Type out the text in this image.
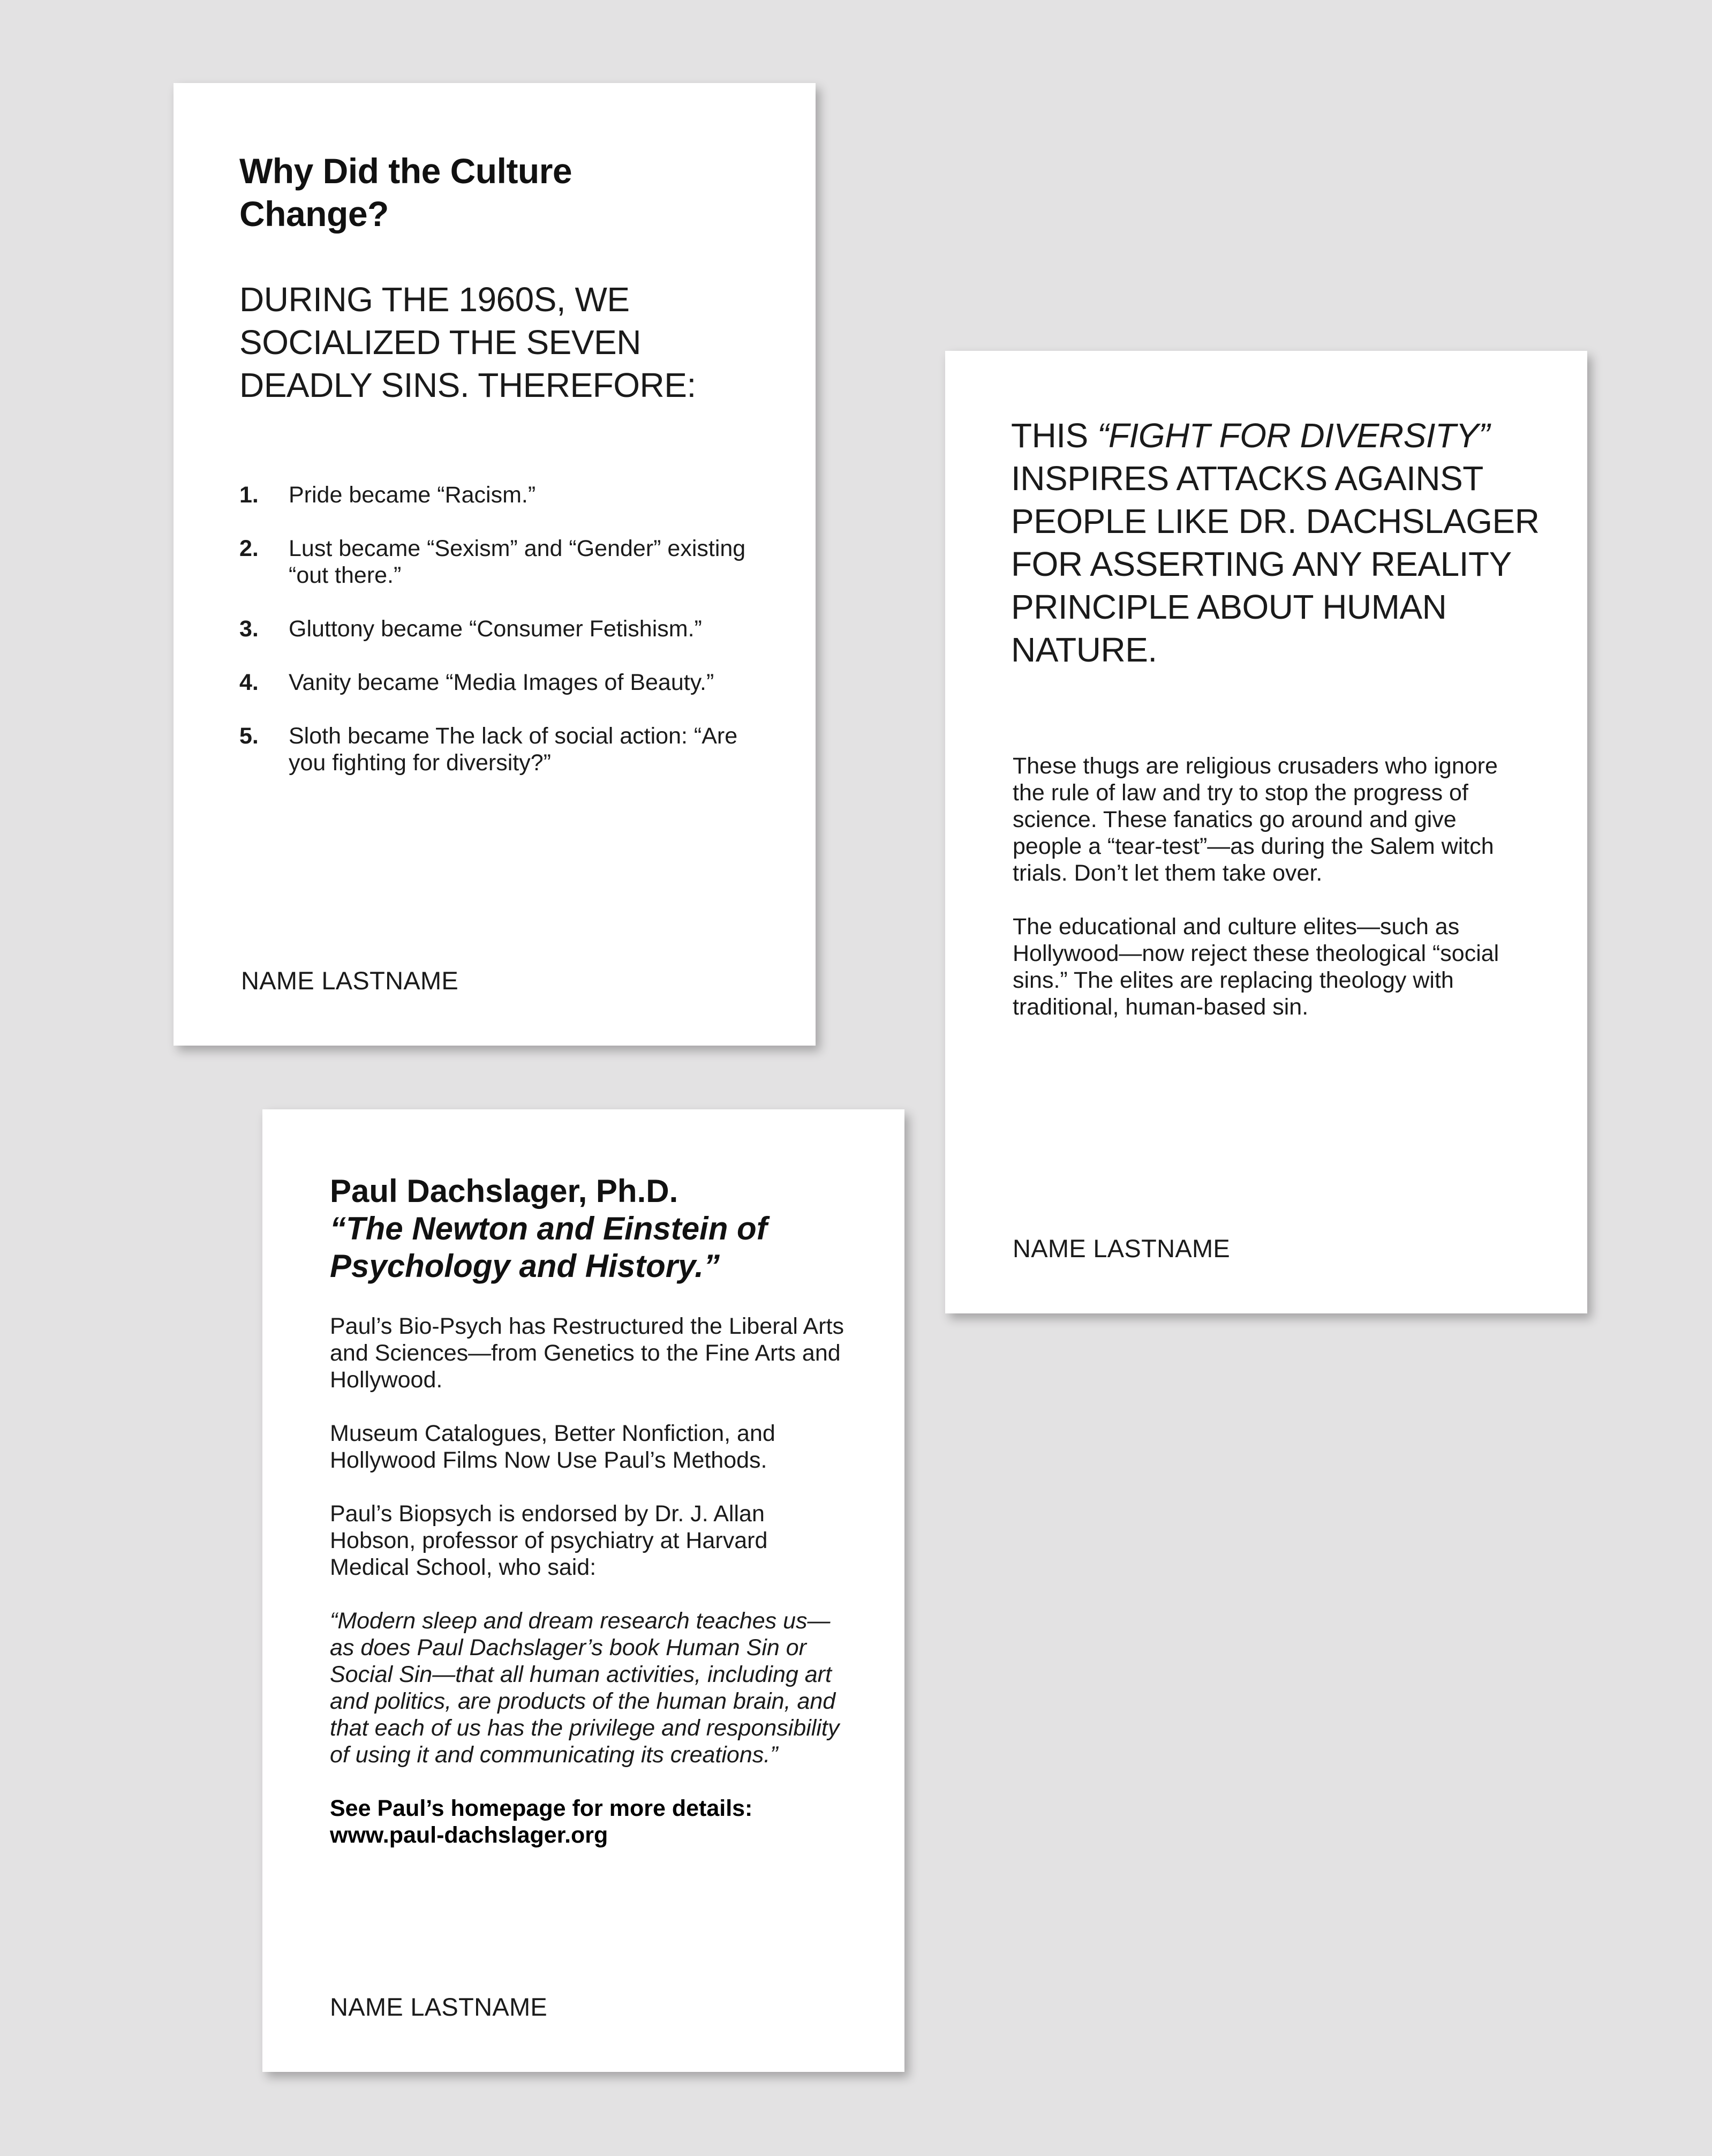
Why Did the Culture Change?
DURING THE 1960S, WE SOCIALIZED THE SEVEN DEADLY SINS. THEREFORE:
1. Pride became “Racism.”
2. Lust became “Sexism” and “Gender” existing “out there.”
3. Gluttony became “Consumer Fetishism.”
4. Vanity became “Media Images of Beauty.”
5. Sloth became The lack of social action: “Are you fighting for diversity?”
NAME LASTNAME
THIS “FIGHT FOR DIVERSITY” INSPIRES ATTACKS AGAINST PEOPLE LIKE DR. DACHSLAGER FOR ASSERTING ANY REALITY PRINCIPLE ABOUT HUMAN NATURE.

These thugs are religious crusaders who ignore the rule of law and try to stop the progress of science. These fanatics go around and give people a “tear-test”—as during the Salem witch trials. Don’t let them take over.

The educational and culture elites—such as Hollywood—now reject these theological “social sins.” The elites are replacing theology with traditional, human-based sin.

NAME LASTNAME
Paul Dachslager, Ph.D.
“The Newton and Einstein of Psychology and History.”

Paul’s Bio-Psych has Restructured the Liberal Arts and Sciences—from Genetics to the Fine Arts and Hollywood.

Museum Catalogues, Better Nonfiction, and Hollywood Films Now Use Paul’s Methods.

Paul’s Biopsych is endorsed by Dr. J. Allan Hobson, professor of psychiatry at Harvard Medical School, who said:

“Modern sleep and dream research teaches us—as does Paul Dachslager’s book Human Sin or Social Sin—that all human activities, including art and politics, are products of the human brain, and that each of us has the privilege and responsibility of using it and communicating its creations.”

See Paul’s homepage for more details:
www.paul-dachslager.org

NAME LASTNAME
